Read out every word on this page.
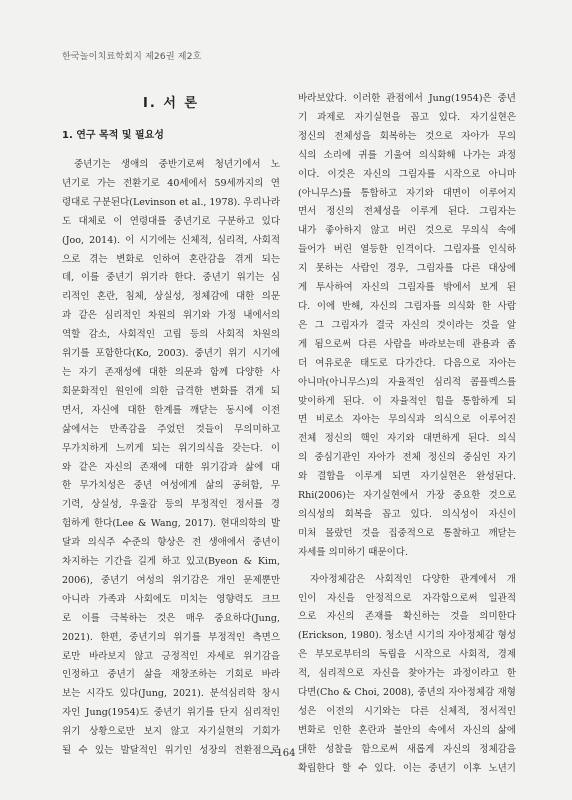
한국놀이치료학회지 제26권 제2호
Ⅰ. 서 론
1. 연구 목적 및 필요성
중년기는 생애의 중반기로써 청년기에서 노
년기로 가는 전환기로 40세에서 59세까지의 연
령대로 구분된다(Levinson et al., 1978). 우리나라
도 대체로 이 연령대를 중년기로 구분하고 있다
(Joo, 2014). 이 시기에는 신체적, 심리적, 사회적
으로 겪는 변화로 인하여 혼란감을 겪게 되는
데, 이를 중년기 위기라 한다. 중년기 위기는 심
리적인 혼란, 침체, 상실성, 정체감에 대한 의문
과 같은 심리적인 차원의 위기와 가정 내에서의
역할 감소, 사회적인 고립 등의 사회적 차원의
위기를 포함한다(Ko, 2003). 중년기 위기 시기에
는 자기 존재성에 대한 의문과 함께 다양한 사
회문화적인 원인에 의한 급격한 변화를 겪게 되
면서, 자신에 대한 한계를 깨닫는 동시에 이전
삶에서는 만족감을 주었던 것들이 무의미하고
무가치하게 느끼게 되는 위기의식을 갖는다. 이
와 같은 자신의 존재에 대한 위기감과 삶에 대
한 무가치성은 중년 여성에게 삶의 공허함, 무
기력, 상실성, 우울감 등의 부정적인 정서를 경
험하게 한다(Lee & Wang, 2017). 현대의학의 발
달과 의식주 수준의 향상은 전 생애에서 중년이
차지하는 기간을 길게 하고 있고(Byeon & Kim,
2006), 중년기 여성의 위기감은 개인 문제뿐만
아니라 가족과 사회에도 미치는 영향력도 크므
로 이를 극복하는 것은 매우 중요하다(Jung,
2021). 한편, 중년기의 위기를 부정적인 측면으
로만 바라보지 않고 긍정적인 자세로 위기감을
인정하고 중년기 삶을 재창조하는 기회로 바라
보는 시각도 있다(Jung, 2021). 분석심리학 창시
자인 Jung(1954)도 중년기 위기를 단지 심리적인
위기 상황으로만 보지 않고 자기실현의 기회가
될 수 있는 발달적인 위기인 성장의 전환점으로
바라보았다. 이러한 관점에서 Jung(1954)은 중년
기 과제로 자기실현을 꼽고 있다. 자기실현은
정신의 전체성을 회복하는 것으로 자아가 무의
식의 소리에 귀를 기울여 의식화해 나가는 과정
이다. 이것은 자신의 그림자를 시작으로 아니마
(아니무스)를 통합하고 자기와 대면이 이루어지
면서 정신의 전체성을 이루게 된다. 그림자는
내가 좋아하지 않고 버린 것으로 무의식 속에
들어가 버린 열등한 인격이다. 그림자를 인식하
지 못하는 사람인 경우, 그림자를 다른 대상에
게 투사하여 자신의 그림자를 밖에서 보게 된
다. 이에 반해, 자신의 그림자를 의식화 한 사람
은 그 그림자가 결국 자신의 것이라는 것을 알
게 됨으로써 다른 사람을 바라보는데 관용과 좀
더 여유로운 태도로 다가간다. 다음으로 자아는
아니마(아니무스)의 자율적인 심리적 콤플렉스를
맞이하게 된다. 이 자율적인 힘을 통합하게 되
면 비로소 자아는 무의식과 의식으로 이루어진
전체 정신의 핵인 자기와 대면하게 된다. 의식
의 중심기관인 자아가 전체 정신의 중심인 자기
와 결합을 이루게 되면 자기실현은 완성된다.
Rhi(2006)는 자기실현에서 가장 중요한 것으로
의식성의 회복을 꼽고 있다. 의식성이 자신이
미처 몰랐던 것을 집중적으로 통찰하고 깨닫는
자세를 의미하기 때문이다.
자아정체감은 사회적인 다양한 관계에서 개
인이 자신을 안정적으로 자각함으로써 일관적
으로 자신의 존재를 확신하는 것을 의미한다
(Erickson, 1980). 청소년 시기의 자아정체감 형성
은 부모로부터의 독립을 시작으로 사회적, 경제
적, 심리적으로 자신을 찾아가는 과정이라고 한
다면(Cho & Choi, 2008), 중년의 자아정체감 재형
성은 이전의 시기와는 다른 신체적, 정서적인
변화로 인한 혼란과 불안의 속에서 자신의 삶에
대한 성찰을 함으로써 새롭게 자신의 정체감을
확립한다 할 수 있다. 이는 중년기 이후 노년기
- 164 -
